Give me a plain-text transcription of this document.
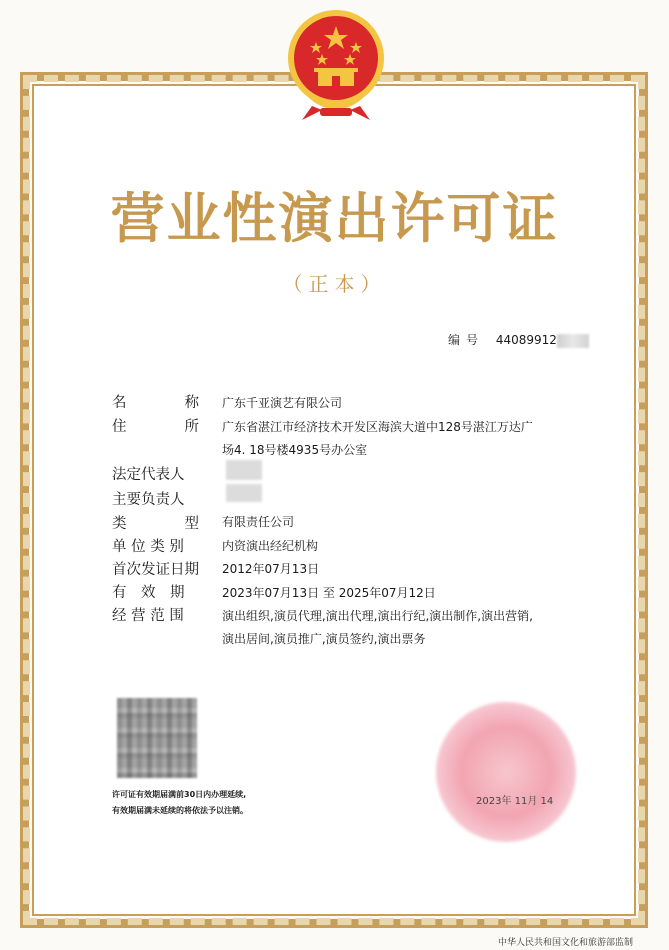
营业性演出许可证
（正本）
编号 44089912
名　　　　称 广东千亚演艺有限公司
住　　　　所 广东省湛江市经济技术开发区海滨大道中128号湛江万达广
场4. 18号楼4935号办公室
法定代表人
主要负责人
类　　　　型 有限责任公司
单 位 类 别	内资演出经纪机构
首次发证日期 2012年07月13日
有　效　期	2023年07月13日 至 2025年07月12日
经 营 范 围	演出组织,演员代理,演出代理,演出行纪,演出制作,演出营销,
演出居间,演员推广,演员签约,演出票务
许可证有效期届满前30日内办理延续,
有效期届满未延续的将依法予以注销。
2023年 11月 14
中华人民共和国文化和旅游部监制
